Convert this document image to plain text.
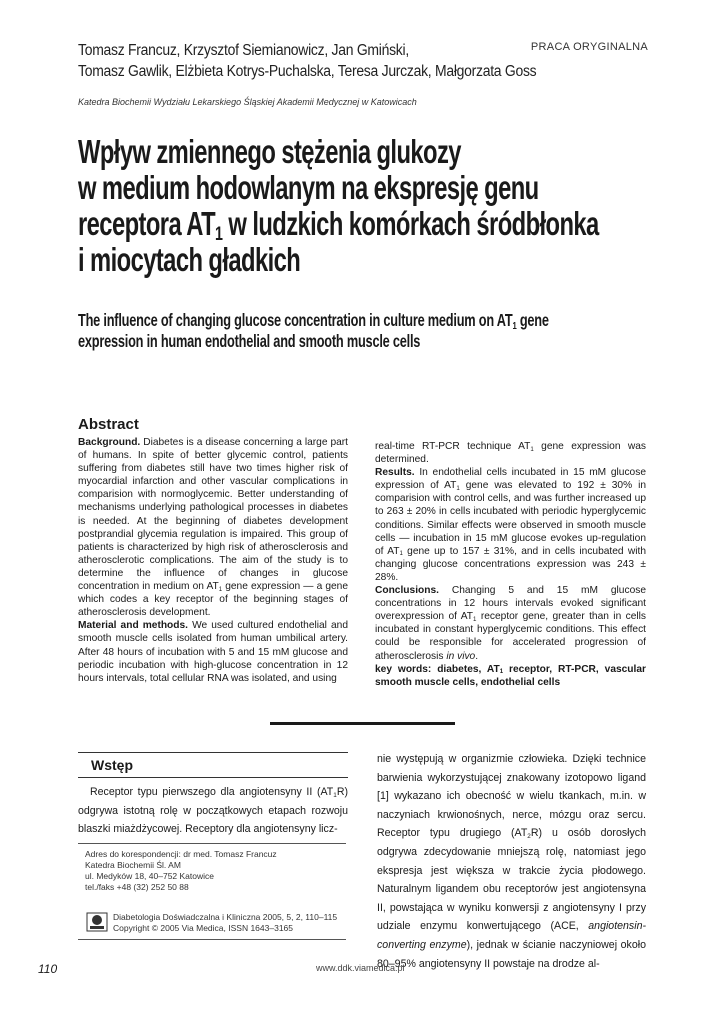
Tomasz Francuz, Krzysztof Siemianowicz, Jan Gmiński,
Tomasz Gawlik, Elżbieta Kotrys-Puchalska, Teresa Jurczak, Małgorzata Goss
PRACA ORYGINALNA
Katedra Biochemii Wydziału Lekarskiego Śląskiej Akademii Medycznej w Katowicach
Wpływ zmiennego stężenia glukozy
w medium hodowlanym na ekspresję genu
receptora $AT_1$ w ludzkich komórkach śródbłonka
i miocytach gładkich
The influence of changing glucose concentration in culture medium on $AT_1$ gene
expression in human endothelial and smooth muscle cells
Abstract

Background. Diabetes is a disease concerning a large part of humans. In spite of better glycemic control, patients suffering from diabetes still have two times higher risk of myocardial infarction and other vascular complications in comparision with normoglycemic. Better understanding of mechanisms underlying pathological processes in diabetes is needed. At the beginning of diabetes development postprandial glycemia regulation is impaired. This group of patients is characterized by high risk of atherosclerosis and atherosclerotic complications. The aim of the study is to determine the influence of changes in glucose concentration in medium on $AT_1$ gene expression — a gene which codes a key receptor of the beginning stages of atherosclerosis development.

Material and methods. We used cultured endothelial and smooth muscle cells isolated from human umbilical artery. After 48 hours of incubation with 5 and 15 mM glucose and periodic incubation with high-glucose concentration in 12 hours intervals, total cellular RNA was isolated, and using

real-time RT-PCR technique $AT_1$ gene expression was determined.

Results. In endothelial cells incubated in 15 mM glucose expression of $AT_1$ gene was elevated to 192 ± 30% in comparision with control cells, and was further increased up to 263 ± 20% in cells incubated with periodic hyperglycemic conditions. Similar effects were observed in smooth muscle cells — incubation in 15 mM glucose evokes up-regulation of $AT_1$ gene up to 157 ± 31%, and in cells incubated with changing glucose concentrations expression was 243 ± 28%.

Conclusions. Changing 5 and 15 mM glucose concentrations in 12 hours intervals evoked significant overexpression of $AT_1$ receptor gene, greater than in cells incubated in constant hyperglycemic conditions. This effect could be responsible for accelerated progression of atherosclerosis in vivo.

key words: diabetes, $AT_1$ receptor, RT-PCR, vascular smooth muscle cells, endothelial cells

Wstęp
Receptor typu pierwszego dla angiotensyny II $(AT_1R)$ odgrywa istotną rolę w początkowych etapach rozwoju blaszki miażdżycowej. Receptory dla angiotensyny licz-
nie występują w organizmie człowieka. Dzięki technice barwienia wykorzystującej znakowany izotopowo ligand [1] wykazano ich obecność w wielu tkankach, m.in. w naczyniach krwionośnych, nerce, mózgu oraz sercu. Receptor typu drugiego $(AT_2R)$ u osób dorosłych odgrywa zdecydowanie mniejszą rolę, natomiast jego ekspresja jest większa w trakcie życia płodowego. Naturalnym ligandem obu receptorów jest angiotensyna II, powstająca w wyniku konwersji z angiotensyny I przy udziale enzymu konwertującego (ACE, angiotensin-converting enzyme), jednak w ścianie naczyniowej około 80–95% angiotensyny II powstaje na drodze al-
Adres do korespondencji: dr med. Tomasz Francuz
Katedra Biochemii Śl. AM
ul. Medyków 18, 40–752 Katowice
tel./faks +48 (32) 252 50 88
Diabetologia Doświadczalna i Kliniczna 2005, 5, 2, 110–115
Copyright © 2005 Via Medica, ISSN 1643–3165
110	www.ddk.viamedica.pl
